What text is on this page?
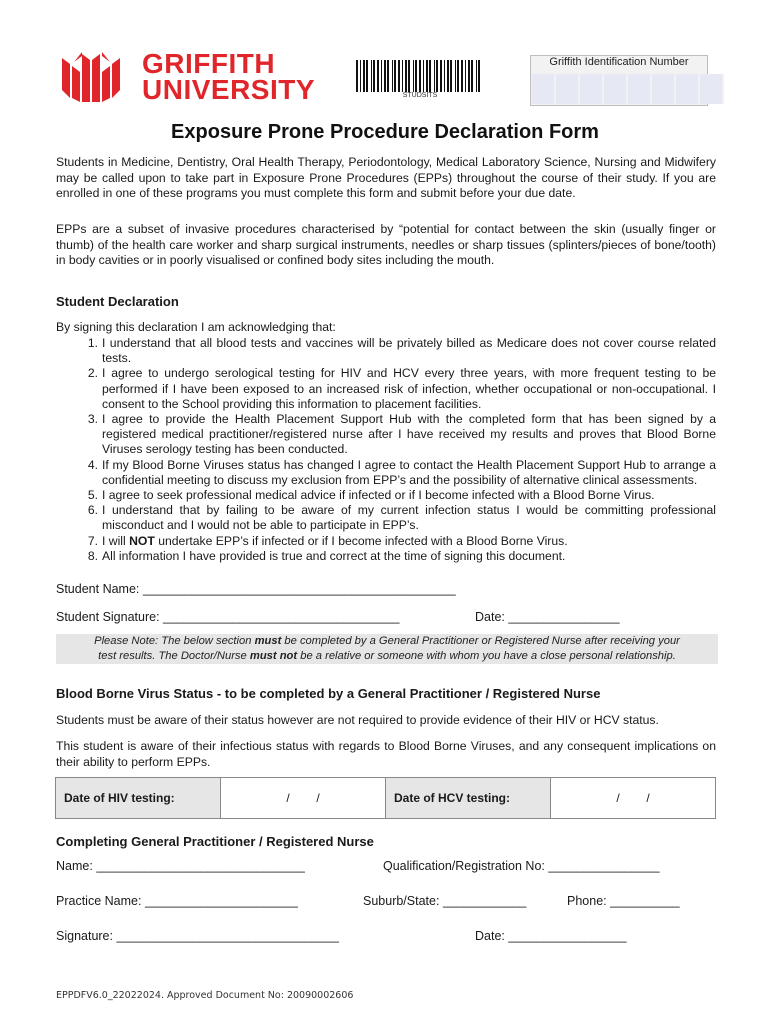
GRIFFITH
UNIVERSITY	STUDSITS
Griffith Identification Number
Exposure Prone Procedure Declaration Form

Students in Medicine, Dentistry, Oral Health Therapy, Periodontology, Medical Laboratory Science, Nursing and Midwifery may be called upon to take part in Exposure Prone Procedures (EPPs) throughout the course of their study. If you are enrolled in one of these programs you must complete this form and submit before your due date.

EPPs are a subset of invasive procedures characterised by “potential for contact between the skin (usually finger or thumb) of the health care worker and sharp surgical instruments, needles or sharp tissues (splinters/pieces of bone/tooth) in body cavities or in poorly visualised or confined body sites including the mouth.

Student Declaration

By signing this declaration I am acknowledging that:

1. I understand that all blood tests and vaccines will be privately billed as Medicare does not cover course related tests.
2. I agree to undergo serological testing for HIV and HCV every three years, with more frequent testing to be performed if I have been exposed to an increased risk of infection, whether occupational or non-occupational. I consent to the School providing this information to placement facilities.
3. I agree to provide the Health Placement Support Hub with the completed form that has been signed by a registered medical practitioner/registered nurse after I have received my results and proves that Blood Borne Viruses serology testing has been conducted.
4. If my Blood Borne Viruses status has changed I agree to contact the Health Placement Support Hub to arrange a confidential meeting to discuss my exclusion from EPP’s and the possibility of alternative clinical assessments.
5. I agree to seek professional medical advice if infected or if I become infected with a Blood Borne Virus.
6. I understand that by failing to be aware of my current infection status I would be committing professional misconduct and I would not be able to participate in EPP’s.
7. I will NOT undertake EPP’s if infected or if I become infected with a Blood Borne Virus.
8. All information I have provided is true and correct at the time of signing this document.
Student Name: _____________________________________________
Student Signature: __________________________________	Date: ________________
Please Note: The below section must be completed by a General Practitioner or Registered Nurse after receiving your
test results. The Doctor/Nurse must not be a relative or someone with whom you have a close personal relationship.
Blood Borne Virus Status - to be completed by a General Practitioner / Registered Nurse

Students must be aware of their status however are not required to provide evidence of their HIV or HCV status.

This student is aware of their infectious status with regards to Blood Borne Viruses, and any consequent implications on their ability to perform EPPs.

Date of HIV testing:	/        /	Date of HCV testing:	/        /
Completing General Practitioner / Registered Nurse
Name: ______________________________	Qualification/Registration No: ________________
Practice Name: ______________________	Suburb/State: ____________	Phone: __________
Signature: ________________________________	Date: _________________
EPPDFV6.0_22022024. Approved Document No: 20090002606
